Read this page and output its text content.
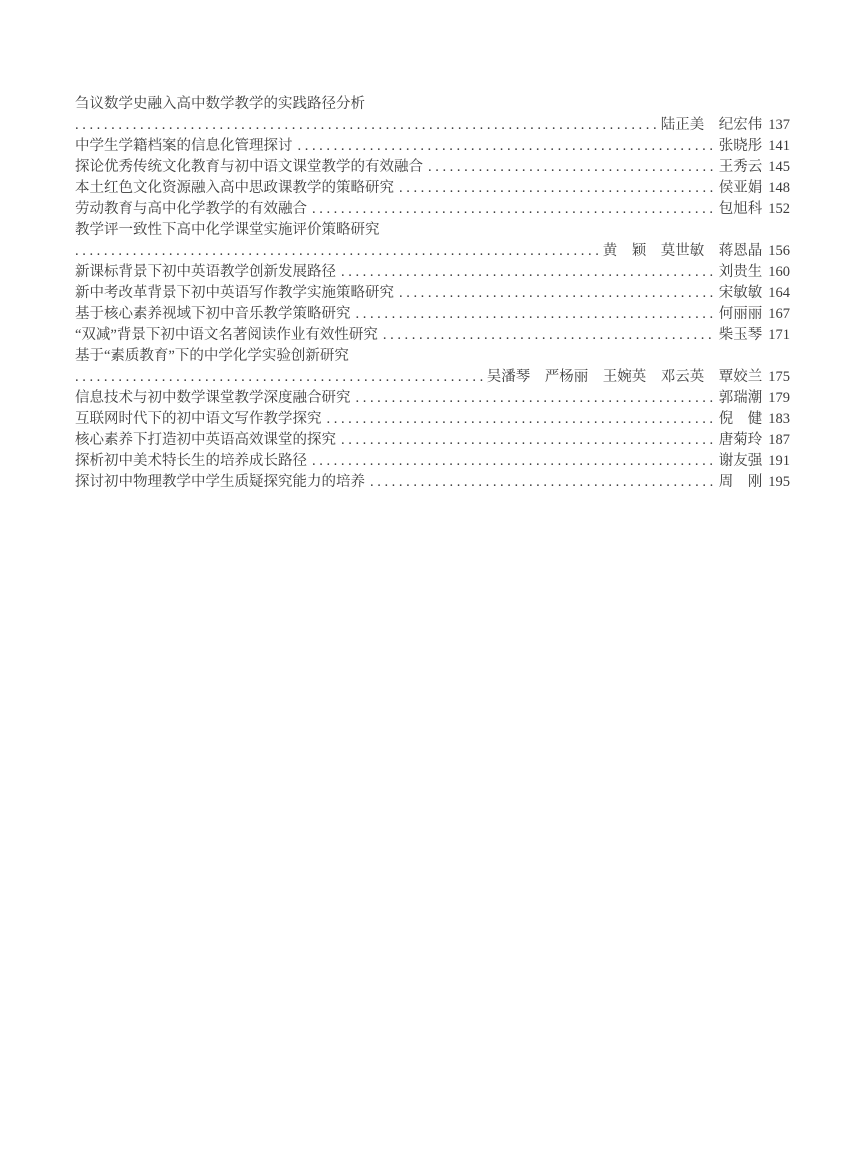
刍议数学史融入高中数学教学的实践路径分析
.....
陆正美　纪宏伟 137
中学生学籍档案的信息化管理探讨 .....	张晓彤 141
探论优秀传统文化教育与初中语文课堂教学的有效融合 .....	王秀云 145
本土红色文化资源融入高中思政课教学的策略研究 .....	侯亚娟 148
劳动教育与高中化学教学的有效融合 .....	包旭科 152
教学评一致性下高中化学课堂实施评价策略研究
.....
黄　颖　莫世敏　蒋恩晶 156
新课标背景下初中英语教学创新发展路径 .....	刘贵生 160
新中考改革背景下初中英语写作教学实施策略研究 .....	宋敏敏 164
基于核心素养视域下初中音乐教学策略研究 .....	何丽丽 167
“双减”背景下初中语文名著阅读作业有效性研究 .....	柴玉琴 171
基于“素质教育”下的中学化学实验创新研究
.....
吴潘琴　严杨丽　王婉英　邓云英　覃姣兰 175
信息技术与初中数学课堂教学深度融合研究 .....	郭瑞潮 179
互联网时代下的初中语文写作教学探究 .....	倪　健 183
核心素养下打造初中英语高效课堂的探究 .....	唐菊玲 187
探析初中美术特长生的培养成长路径 .....	谢友强 191
探讨初中物理教学中学生质疑探究能力的培养 .....	周　刚 195
